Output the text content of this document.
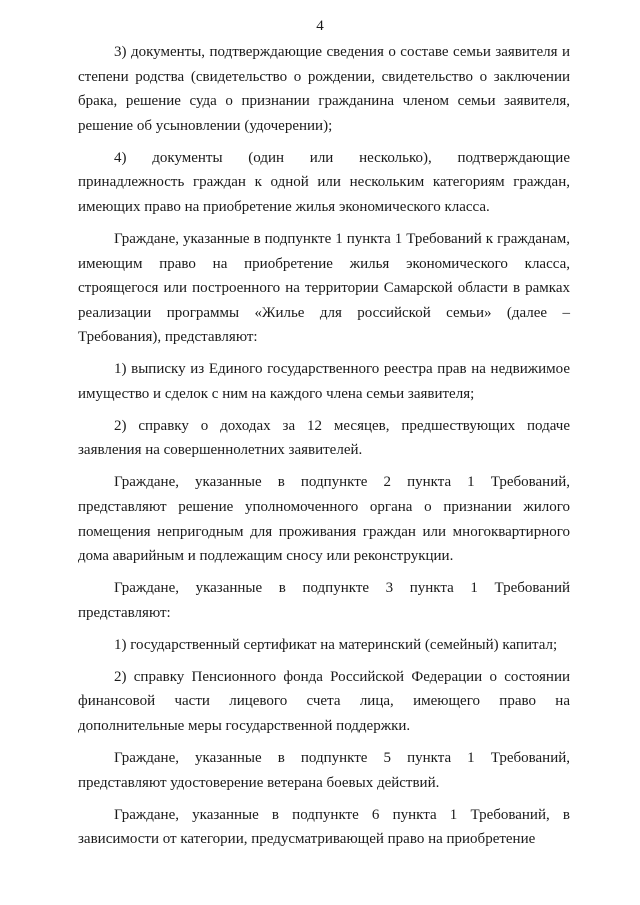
4

3) документы, подтверждающие сведения о составе семьи заявителя и степени родства (свидетельство о рождении, свидетельство о заключении брака, решение суда о признании гражданина членом семьи заявителя, решение об усыновлении (удочерении);

4) документы (один или несколько), подтверждающие принадлежность граждан к одной или нескольким категориям граждан, имеющих право на приобретение жилья экономического класса.

Граждане, указанные в подпункте 1 пункта 1 Требований к гражданам, имеющим право на приобретение жилья экономического класса, строящегося или построенного на территории Самарской области в рамках реализации программы «Жилье для российской семьи» (далее – Требования), представляют:

1) выписку из Единого государственного реестра прав на недвижимое имущество и сделок с ним на каждого члена семьи заявителя;

2) справку о доходах за 12 месяцев, предшествующих подаче заявления на совершеннолетних заявителей.

Граждане, указанные в подпункте 2 пункта 1 Требований, представляют решение уполномоченного органа о признании жилого помещения непригодным для проживания граждан или многоквартирного дома аварийным и подлежащим сносу или реконструкции.

Граждане, указанные в подпункте 3 пункта 1 Требований представляют:

1) государственный сертификат на материнский (семейный) капитал;

2) справку Пенсионного фонда Российской Федерации о состоянии финансовой части лицевого счета лица, имеющего право на дополнительные меры государственной поддержки.

Граждане, указанные в подпункте 5 пункта 1 Требований, представляют удостоверение ветерана боевых действий.

Граждане, указанные в подпункте 6 пункта 1 Требований, в зависимости от категории, предусматривающей право на приобретение
